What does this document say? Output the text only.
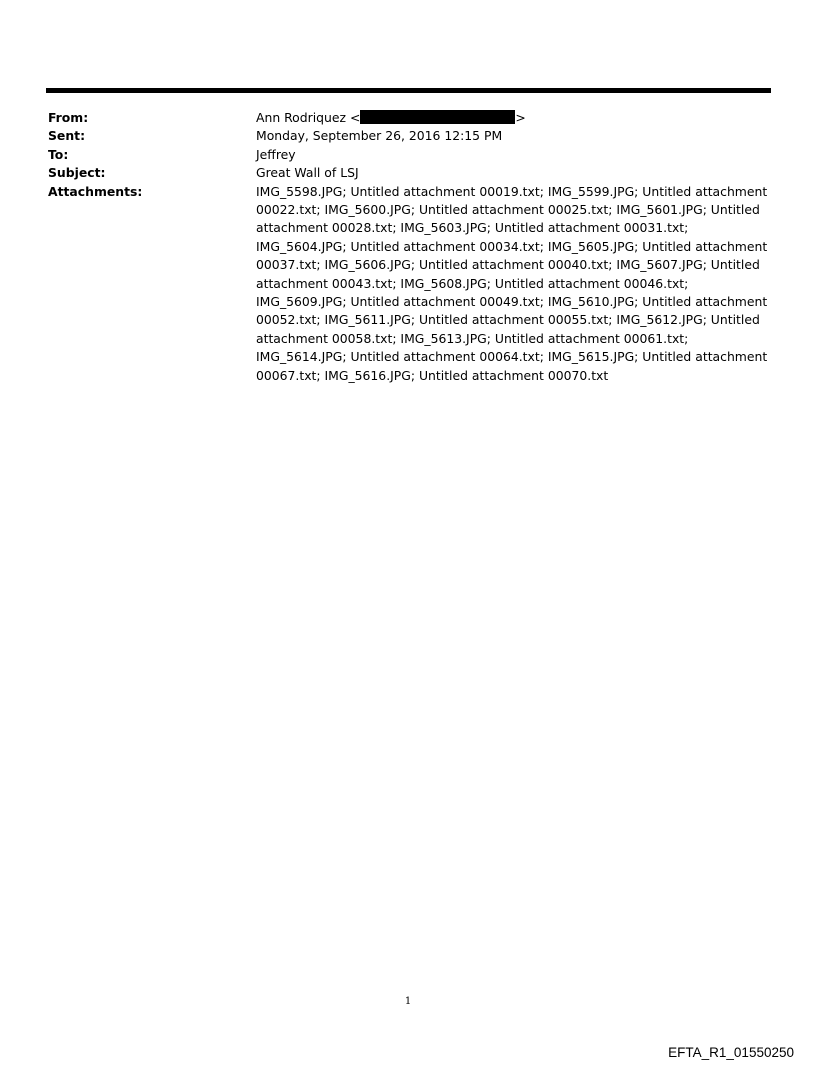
From:	Ann Rodriquez <	>
Sent:	Monday, September 26, 2016 12:15 PM
To:	Jeffrey
Subject:	Great Wall of LSJ
Attachments:	IMG_5598.JPG; Untitled attachment 00019.txt; IMG_5599.JPG; Untitled attachment 00022.txt; IMG_5600.JPG; Untitled attachment 00025.txt; IMG_5601.JPG; Untitled attachment 00028.txt; IMG_5603.JPG; Untitled attachment 00031.txt; IMG_5604.JPG; Untitled attachment 00034.txt; IMG_5605.JPG; Untitled attachment 00037.txt; IMG_5606.JPG; Untitled attachment 00040.txt; IMG_5607.JPG; Untitled attachment 00043.txt; IMG_5608.JPG; Untitled attachment 00046.txt; IMG_5609.JPG; Untitled attachment 00049.txt; IMG_5610.JPG; Untitled attachment 00052.txt; IMG_5611.JPG; Untitled attachment 00055.txt; IMG_5612.JPG; Untitled attachment 00058.txt; IMG_5613.JPG; Untitled attachment 00061.txt; IMG_5614.JPG; Untitled attachment 00064.txt; IMG_5615.JPG; Untitled attachment 00067.txt; IMG_5616.JPG; Untitled attachment 00070.txt
1
EFTA_R1_01550250
